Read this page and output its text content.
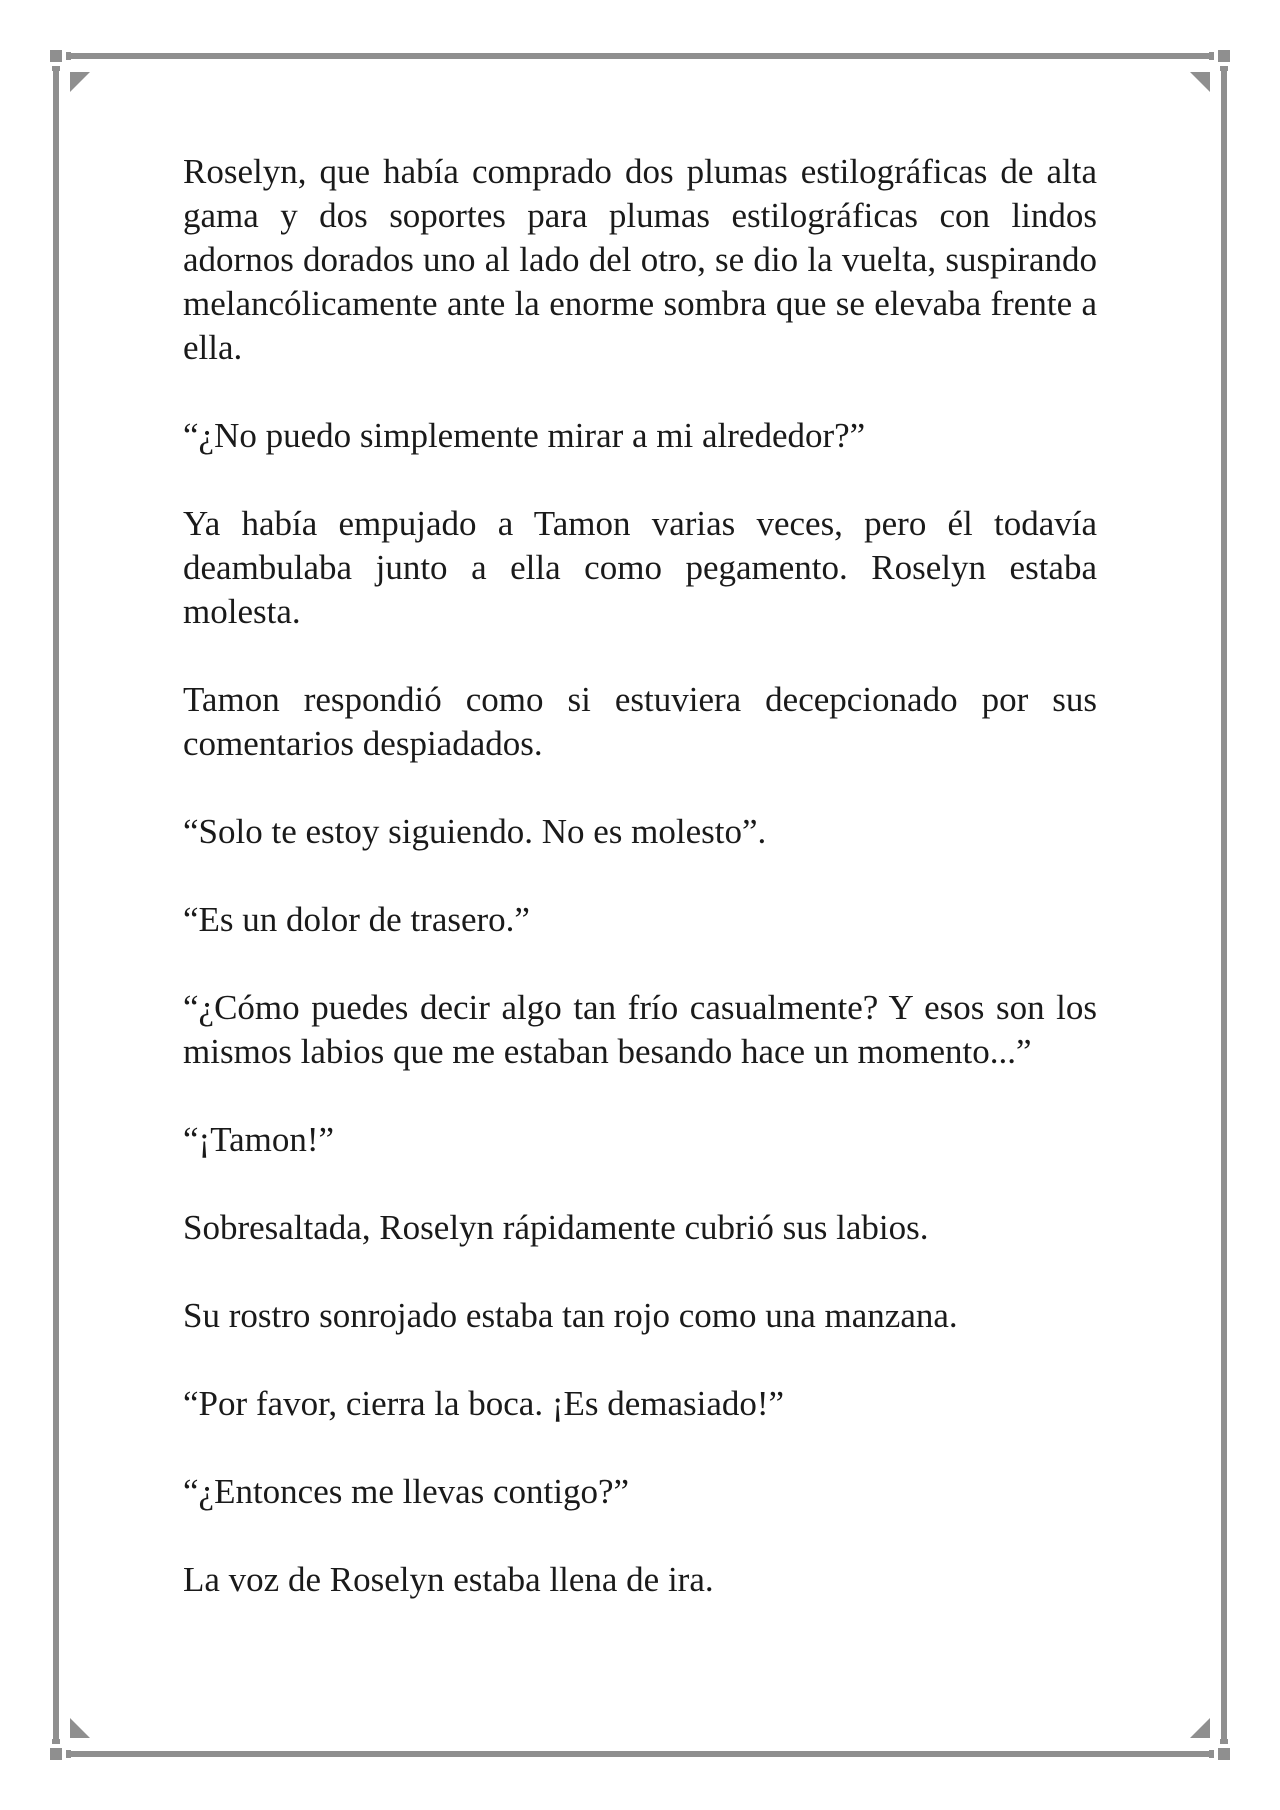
Roselyn, que había comprado dos plumas estilográficas de alta gama y dos soportes para plumas estilográficas con lindos adornos dorados uno al lado del otro, se dio la vuelta, suspirando melancólicamente ante la enorme sombra que se elevaba frente a ella.

“¿No puedo simplemente mirar a mi alrededor?”

Ya había empujado a Tamon varias veces, pero él todavía deambulaba junto a ella como pegamento. Roselyn estaba molesta.

Tamon respondió como si estuviera decepcionado por sus comentarios despiadados.

“Solo te estoy siguiendo. No es molesto”.

“Es un dolor de trasero.”

“¿Cómo puedes decir algo tan frío casualmente? Y esos son los mismos labios que me estaban besando hace un momento...”

“¡Tamon!”

Sobresaltada, Roselyn rápidamente cubrió sus labios.

Su rostro sonrojado estaba tan rojo como una manzana.

“Por favor, cierra la boca. ¡Es demasiado!”

“¿Entonces me llevas contigo?”

La voz de Roselyn estaba llena de ira.
